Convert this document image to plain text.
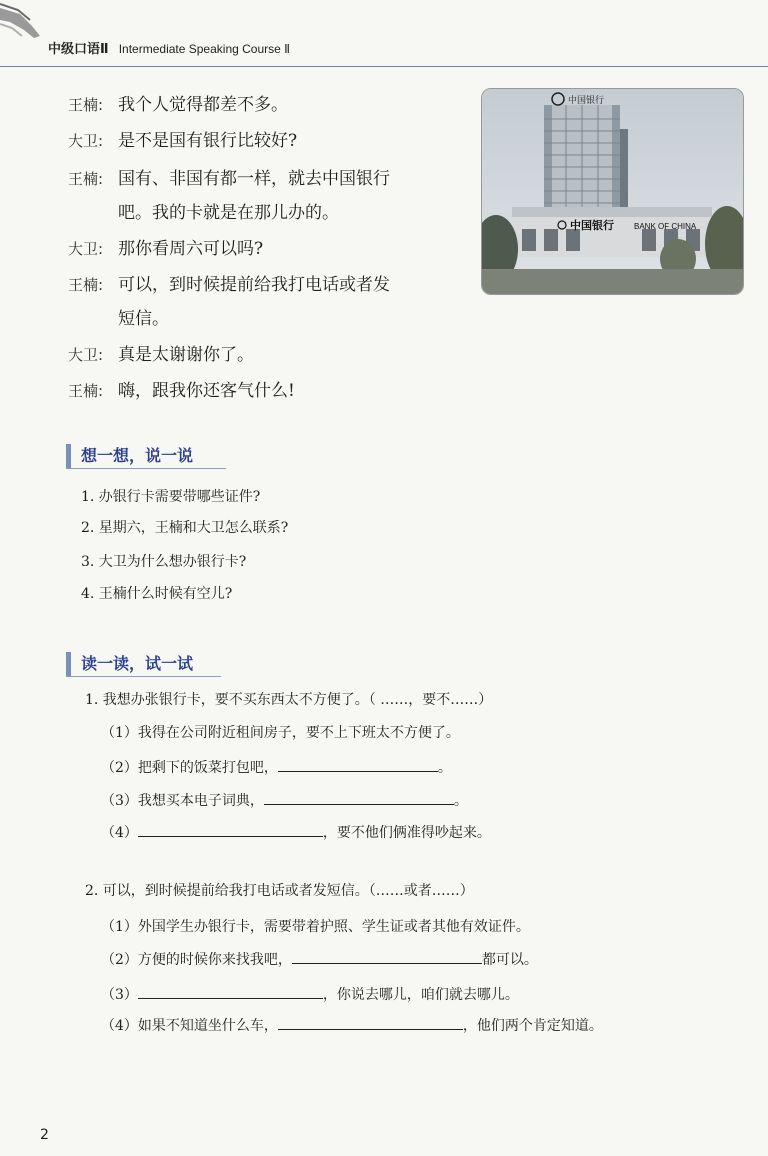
中级口语Ⅱ Intermediate Speaking Course Ⅱ
中国银行
中国银行	BANK OF CHINA
王楠: 我个人觉得都差不多。
大卫: 是不是国有银行比较好?
王楠: 国有、非国有都一样，就去中国银行
吧。我的卡就是在那儿办的。
大卫: 那你看周六可以吗?
王楠: 可以，到时候提前给我打电话或者发
短信。
大卫: 真是太谢谢你了。
王楠: 嗨，跟我你还客气什么!
想一想，说一说
1. 办银行卡需要带哪些证件?
2. 星期六，王楠和大卫怎么联系?
3. 大卫为什么想办银行卡?
4. 王楠什么时候有空儿?
读一读，试一试
1. 我想办张银行卡，要不买东西太不方便了。（ ……，要不……）
（1）我得在公司附近租间房子，要不上下班太不方便了。
（2）把剩下的饭菜打包吧，	。
（3）我想买本电子词典，	。
（4）	，要不他们俩准得吵起来。
2. 可以，到时候提前给我打电话或者发短信。（……或者……）
（1）外国学生办银行卡，需要带着护照、学生证或者其他有效证件。
（2）方便的时候你来找我吧，	都可以。
（3）	，你说去哪儿，咱们就去哪儿。
（4）如果不知道坐什么车，	，他们两个肯定知道。
2
